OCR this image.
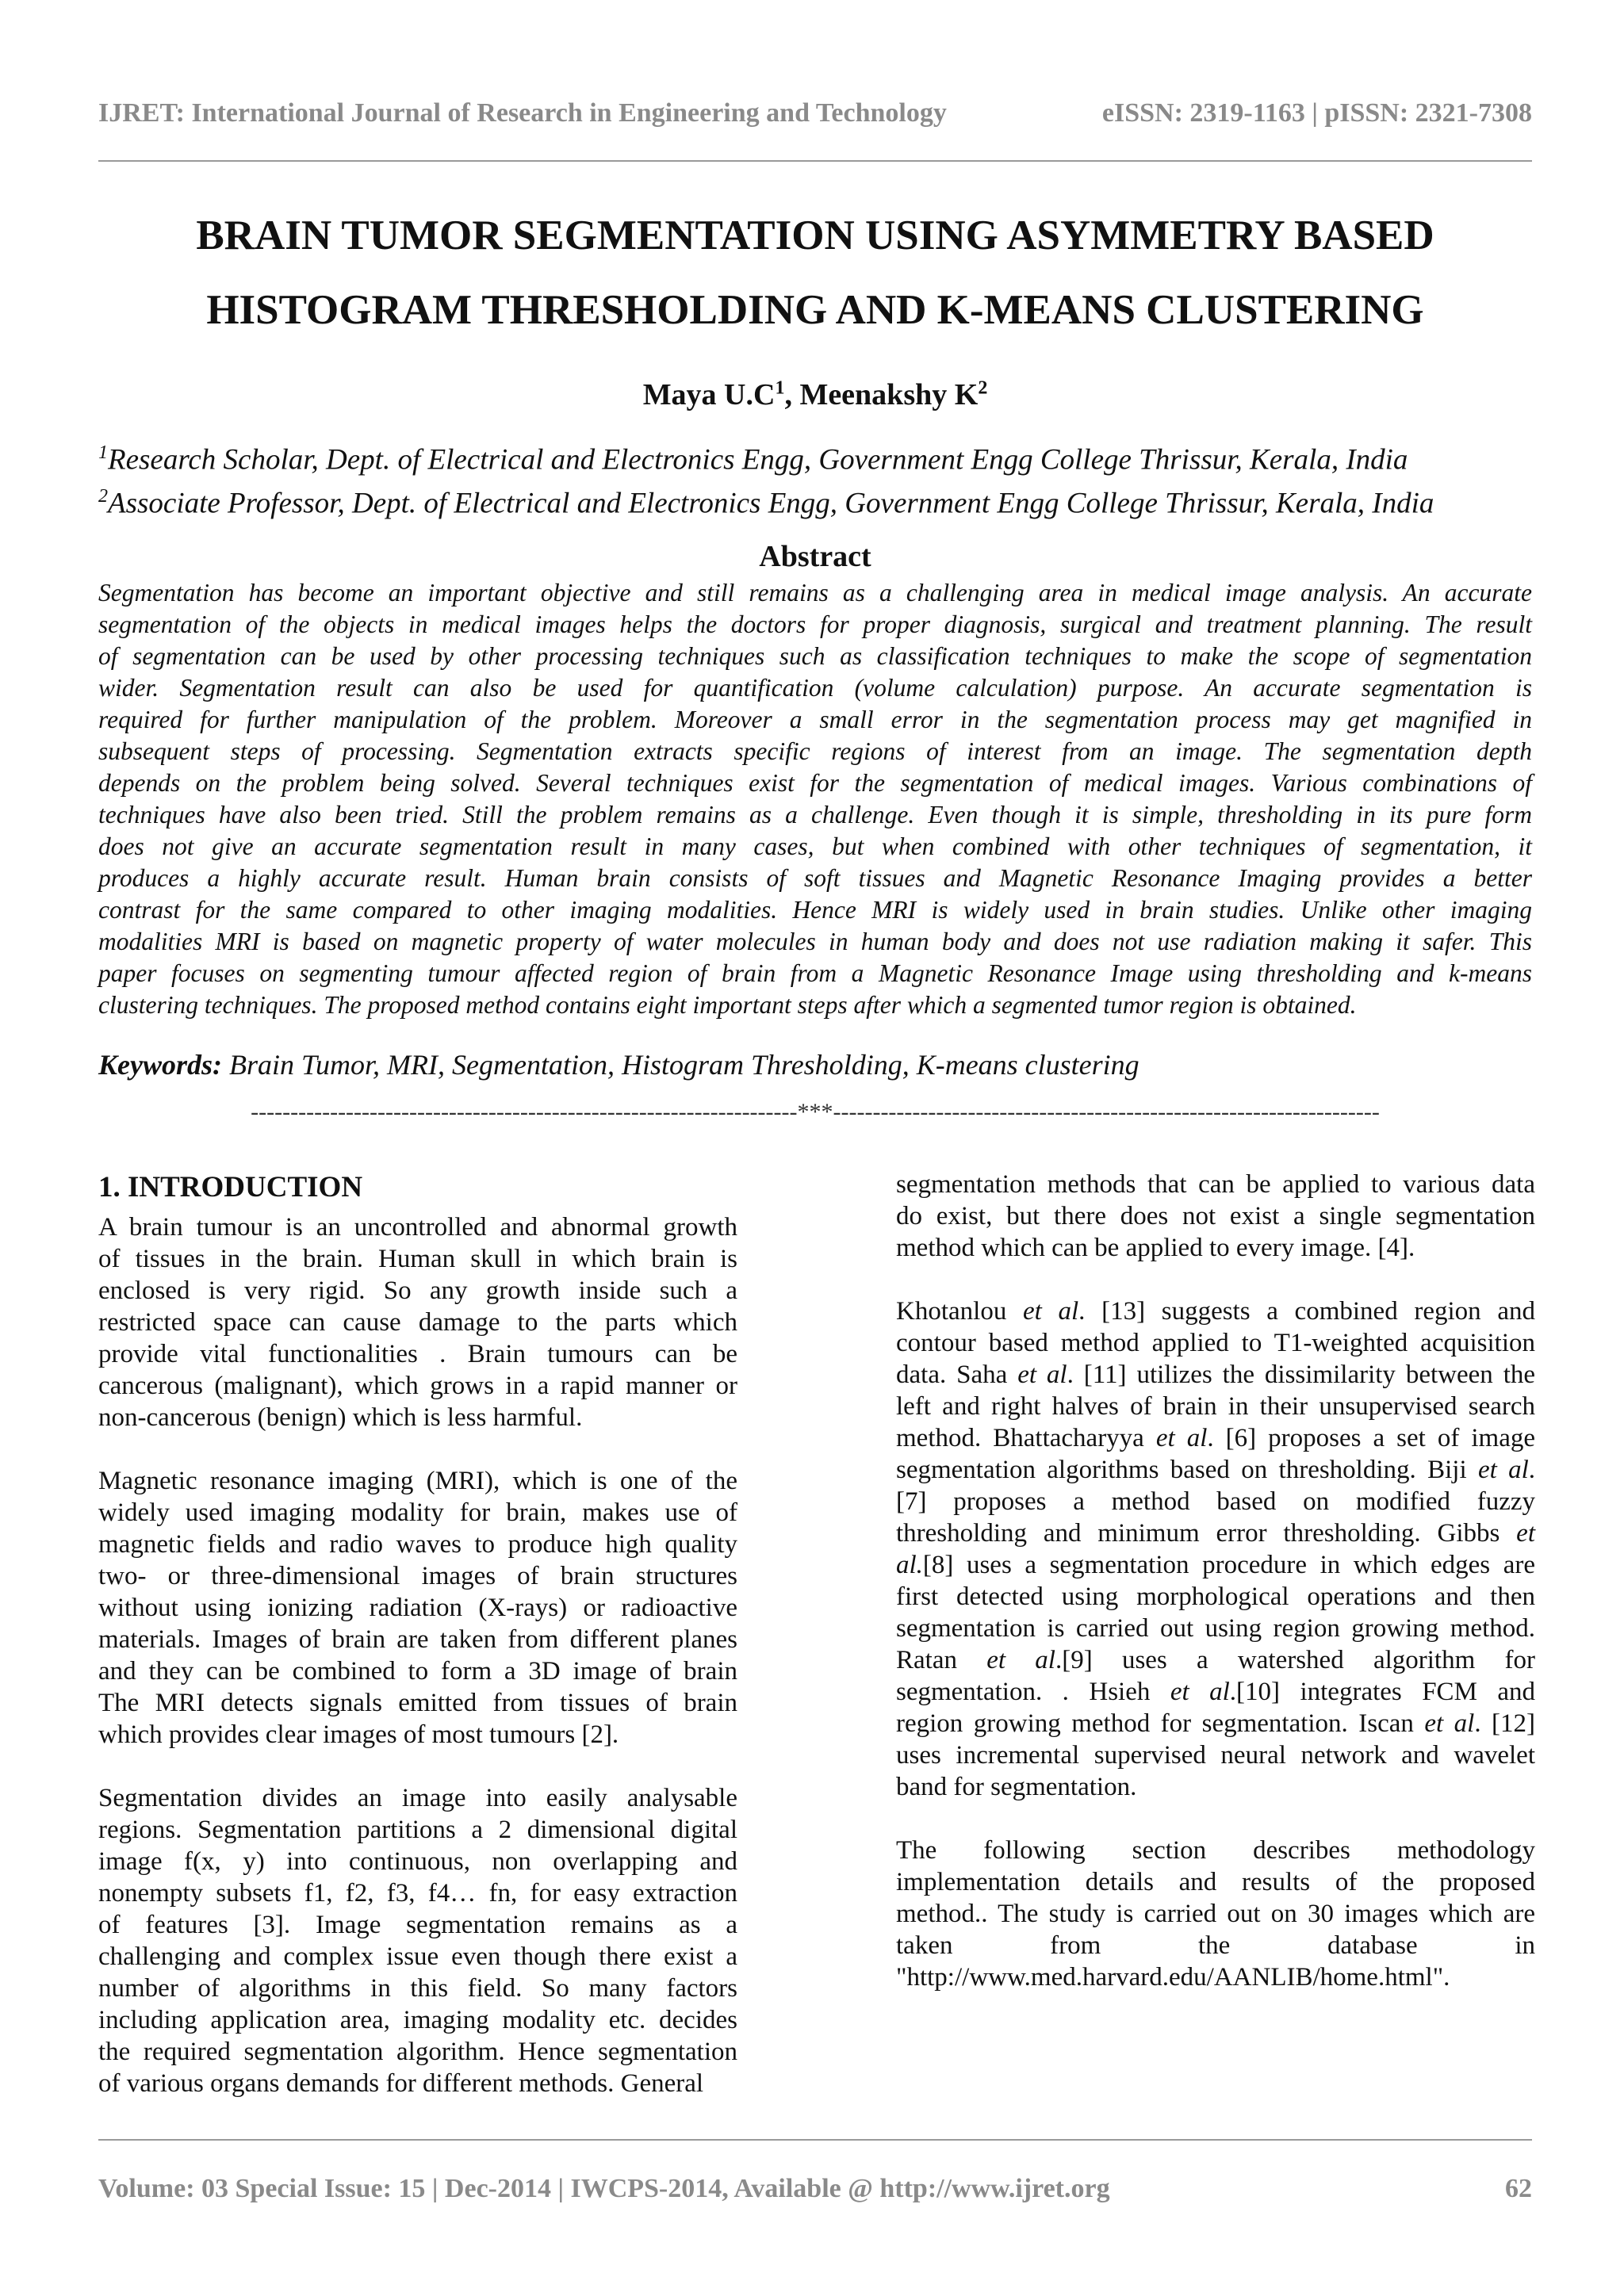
IJRET: International Journal of Research in Engineering and Technology	eISSN: 2319-1163 | pISSN: 2321-7308
BRAIN TUMOR SEGMENTATION USING ASYMMETRY BASED
HISTOGRAM THRESHOLDING AND K-MEANS CLUSTERING
Maya $U.C^1$, Meenakshy $K^2$
$^1$Research Scholar, Dept. of Electrical and Electronics Engg, Government Engg College Thrissur, Kerala, India
$^2$Associate Professor, Dept. of Electrical and Electronics Engg, Government Engg College Thrissur, Kerala, India
Abstract
Segmentation has become an important objective and still remains as a challenging area in medical image analysis. An accurate
segmentation of the objects in medical images helps the doctors for proper diagnosis, surgical and treatment planning. The result
of segmentation can be used by other processing techniques such as classification techniques to make the scope of segmentation
wider. Segmentation result can also be used for quantification (volume calculation) purpose. An accurate segmentation is
required for further manipulation of the problem. Moreover a small error in the segmentation process may get magnified in
subsequent steps of processing. Segmentation extracts specific regions of interest from an image. The segmentation depth
depends on the problem being solved. Several techniques exist for the segmentation of medical images. Various combinations of
techniques have also been tried. Still the problem remains as a challenge. Even though it is simple, thresholding in its pure form
does not give an accurate segmentation result in many cases, but when combined with other techniques of segmentation, it
produces a highly accurate result. Human brain consists of soft tissues and Magnetic Resonance Imaging provides a better
contrast for the same compared to other imaging modalities. Hence MRI is widely used in brain studies. Unlike other imaging
modalities MRI is based on magnetic property of water molecules in human body and does not use radiation making it safer. This
paper focuses on segmenting tumour affected region of brain from a Magnetic Resonance Image using thresholding and k-means
clustering techniques. The proposed method contains eight important steps after which a segmented tumor region is obtained.
Keywords: Brain Tumor, MRI, Segmentation, Histogram Thresholding, K-means clustering
---------------------------------------------------------------------***---------------------------------------------------------------------
1. INTRODUCTION

A brain tumour is an uncontrolled and abnormal growth
of tissues in the brain. Human skull in which brain is
enclosed is very rigid. So any growth inside such a
restricted space can cause damage to the parts which
provide vital functionalities . Brain tumours can be
cancerous (malignant), which grows in a rapid manner or
non-cancerous (benign) which is less harmful.

Magnetic resonance imaging (MRI), which is one of the
widely used imaging modality for brain, makes use of
magnetic fields and radio waves to produce high quality
two- or three-dimensional images of brain structures
without using ionizing radiation (X-rays) or radioactive
materials. Images of brain are taken from different planes
and they can be combined to form a 3D image of brain
The MRI detects signals emitted from tissues of brain
which provides clear images of most tumours [2].

Segmentation divides an image into easily analysable
regions. Segmentation partitions a 2 dimensional digital
image f(x, y) into continuous, non overlapping and
nonempty subsets f1, f2, f3, f4… fn, for easy extraction
of features [3]. Image segmentation remains as a
challenging and complex issue even though there exist a
number of algorithms in this field. So many factors
including application area, imaging modality etc. decides
the required segmentation algorithm. Hence segmentation
of various organs demands for different methods. General

segmentation methods that can be applied to various data
do exist, but there does not exist a single segmentation
method which can be applied to every image. [4].

Khotanlou et al. [13] suggests a combined region and
contour based method applied to T1-weighted acquisition
data. Saha et al. [11] utilizes the dissimilarity between the
left and right halves of brain in their unsupervised search
method. Bhattacharyya et al. [6] proposes a set of image
segmentation algorithms based on thresholding. Biji et al.
[7] proposes a method based on modified fuzzy
thresholding and minimum error thresholding. Gibbs et
al.[8] uses a segmentation procedure in which edges are
first detected using morphological operations and then
segmentation is carried out using region growing method.
Ratan et al.[9] uses a watershed algorithm for
segmentation. . Hsieh et al.[10] integrates FCM and
region growing method for segmentation. Iscan et al. [12]
uses incremental supervised neural network and wavelet
band for segmentation.

The following section describes methodology
implementation details and results of the proposed
method.. The study is carried out on 30 images which are
taken from the database in
"http://www.med.harvard.edu/AANLIB/home.html".

Volume: 03 Special Issue: 15 | Dec-2014 | IWCPS-2014, Available @ http://www.ijret.org	62
